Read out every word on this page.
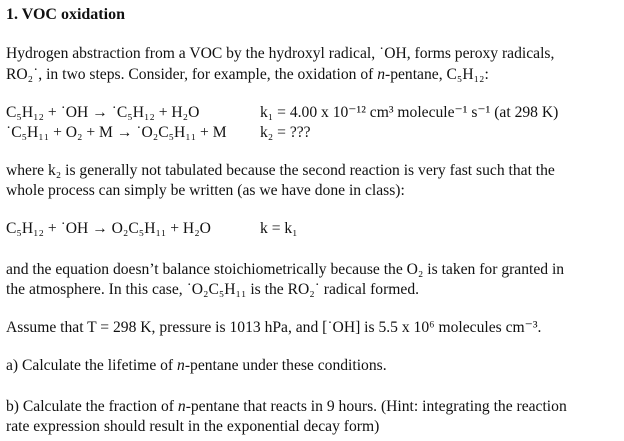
1. VOC oxidation
Hydrogen abstraction from a VOC by the hydroxyl radical, ˙OH, forms peroxy radicals,
RO₂˙, in two steps. Consider, for example, the oxidation of n-pentane, C₅H₁₂:
C₅H₁₂ + ˙OH → ˙C₅H₁₂ + H₂O	k₁ = 4.00 x 10⁻¹² cm³ molecule⁻¹ s⁻¹ (at 298 K)
˙C₅H₁₁ + O₂ + M → ˙O₂C₅H₁₁ + M k₂ = ???
where k₂ is generally not tabulated because the second reaction is very fast such that the
whole process can simply be written (as we have done in class):
C₅H₁₂ + ˙OH → O₂C₅H₁₁ + H₂O	k = k₁
and the equation doesn’t balance stoichiometrically because the O₂ is taken for granted in
the atmosphere. In this case, ˙O₂C₅H₁₁ is the RO₂˙ radical formed.
Assume that T = 298 K, pressure is 1013 hPa, and [˙OH] is 5.5 x 10⁶ molecules cm⁻³.
a) Calculate the lifetime of n-pentane under these conditions.
b) Calculate the fraction of n-pentane that reacts in 9 hours. (Hint: integrating the reaction
rate expression should result in the exponential decay form)
